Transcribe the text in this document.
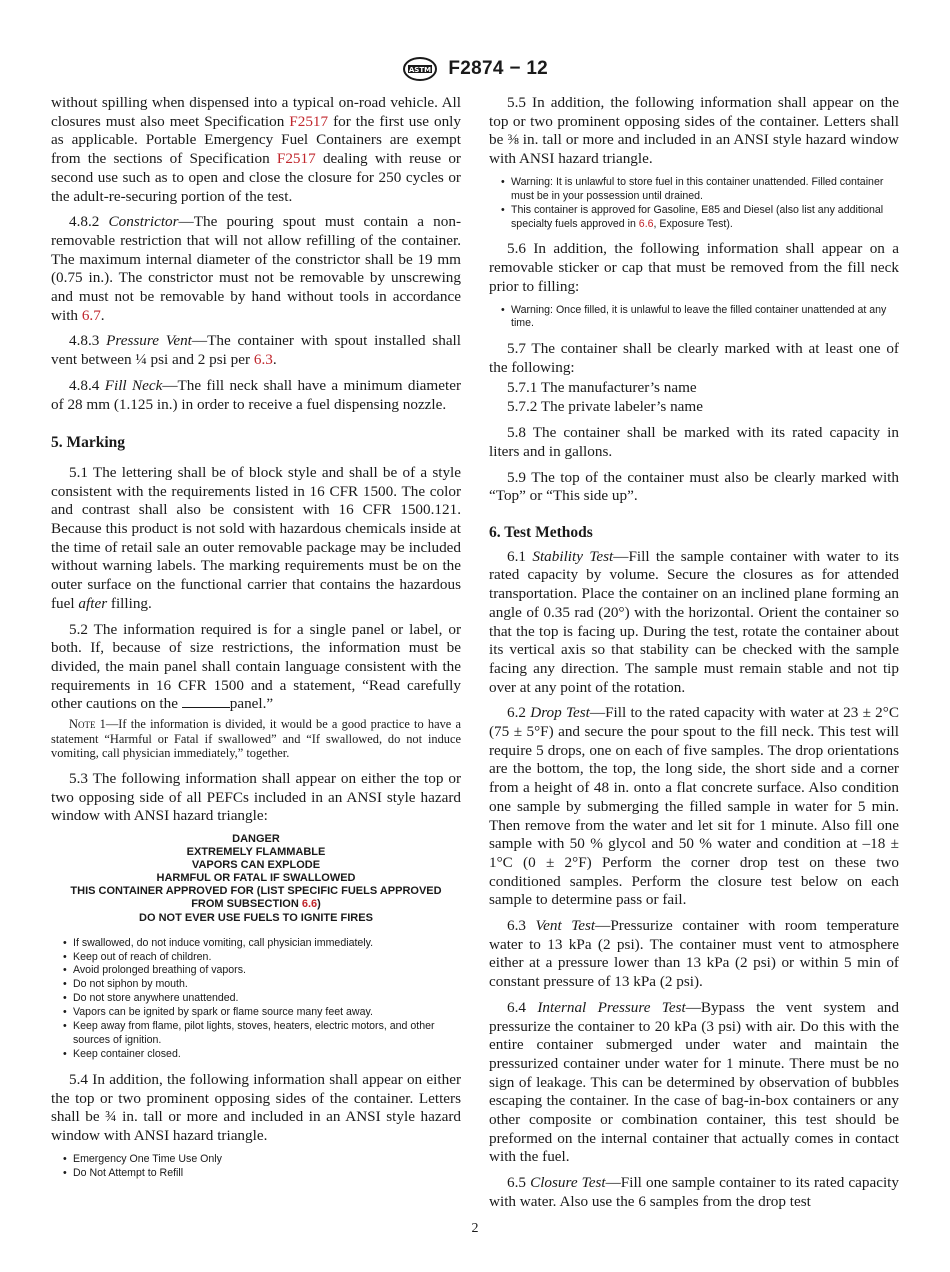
ASTM F2874 − 12

without spilling when dispensed into a typical on-road vehicle. All closures must also meet Specification F2517 for the first use only as applicable. Portable Emergency Fuel Containers are exempt from the sections of Specification F2517 dealing with reuse or second use such as to open and close the closure for 250 cycles or the adult-re-securing portion of the test.

4.8.2 Constrictor—The pouring spout must contain a non-removable restriction that will not allow refilling of the container. The maximum internal diameter of the constrictor shall be 19 mm (0.75 in.). The constrictor must not be removable by unscrewing and must not be removable by hand without tools in accordance with 6.7.

4.8.3 Pressure Vent—The container with spout installed shall vent between ¼ psi and 2 psi per 6.3.

4.8.4 Fill Neck—The fill neck shall have a minimum diameter of 28 mm (1.125 in.) in order to receive a fuel dispensing nozzle.

5. Marking

5.1 The lettering shall be of block style and shall be of a style consistent with the requirements listed in 16 CFR 1500. The color and contrast shall also be consistent with 16 CFR 1500.121. Because this product is not sold with hazardous chemicals inside at the time of retail sale an outer removable package may be included without warning labels. The marking requirements must be on the outer surface on the functional carrier that contains the hazardous fuel after filling.

5.2 The information required is for a single panel or label, or both. If, because of size restrictions, the information must be divided, the main panel shall contain language consistent with the requirements in 16 CFR 1500 and a statement, “Read carefully other cautions on the	panel.”

Note 1—If the information is divided, it would be a good practice to have a statement “Harmful or Fatal if swallowed” and “If swallowed, do not induce vomiting, call physician immediately,” together.

5.3 The following information shall appear on either the top or two opposing side of all PEFCs included in an ANSI style hazard window with ANSI hazard triangle:

DANGER
EXTREMELY FLAMMABLE
VAPORS CAN EXPLODE
HARMFUL OR FATAL IF SWALLOWED
THIS CONTAINER APPROVED FOR (LIST SPECIFIC FUELS APPROVED
FROM SUBSECTION 6.6)
DO NOT EVER USE FUELS TO IGNITE FIRES
• If swallowed, do not induce vomiting, call physician immediately.
• Keep out of reach of children.
• Avoid prolonged breathing of vapors.
• Do not siphon by mouth.
• Do not store anywhere unattended.
• Vapors can be ignited by spark or flame source many feet away.
• Keep away from flame, pilot lights, stoves, heaters, electric motors, and other sources of ignition.
• Keep container closed.

5.4 In addition, the following information shall appear on either the top or two prominent opposing sides of the container. Letters shall be ¾ in. tall or more and included in an ANSI style hazard window with ANSI hazard triangle.

• Emergency One Time Use Only
• Do Not Attempt to Refill

5.5 In addition, the following information shall appear on the top or two prominent opposing sides of the container. Letters shall be ⅜ in. tall or more and included in an ANSI style hazard window with ANSI hazard triangle.

• Warning: It is unlawful to store fuel in this container unattended. Filled container must be in your possession until drained.
• This container is approved for Gasoline, E85 and Diesel (also list any additional specialty fuels approved in 6.6, Exposure Test).

5.6 In addition, the following information shall appear on a removable sticker or cap that must be removed from the fill neck prior to filling:

• Warning: Once filled, it is unlawful to leave the filled container unattended at any time.

5.7 The container shall be clearly marked with at least one of the following:

5.7.1 The manufacturer’s name

5.7.2 The private labeler’s name

5.8 The container shall be marked with its rated capacity in liters and in gallons.

5.9 The top of the container must also be clearly marked with “Top” or “This side up”.

6. Test Methods

6.1 Stability Test—Fill the sample container with water to its rated capacity by volume. Secure the closures as for attended transportation. Place the container on an inclined plane forming an angle of 0.35 rad (20°) with the horizontal. Orient the container so that the top is facing up. During the test, rotate the container about its vertical axis so that stability can be checked with the sample facing any direction. The sample must remain stable and not tip over at any point of the rotation.

6.2 Drop Test—Fill to the rated capacity with water at 23 ± 2°C (75 ± 5°F) and secure the pour spout to the fill neck. This test will require 5 drops, one on each of five samples. The drop orientations are the bottom, the top, the long side, the short side and a corner from a height of 48 in. onto a flat concrete surface. Also condition one sample by submerging the filled sample in water for 5 min. Then remove from the water and let sit for 1 minute. Also fill one sample with 50 % glycol and 50 % water and condition at –18 ± 1°C (0 ± 2°F) Perform the corner drop test on these two conditioned samples. Perform the closure test below on each sample to determine pass or fail.

6.3 Vent Test—Pressurize container with room temperature water to 13 kPa (2 psi). The container must vent to atmosphere either at a pressure lower than 13 kPa (2 psi) or within 5 min of constant pressure of 13 kPa (2 psi).

6.4 Internal Pressure Test—Bypass the vent system and pressurize the container to 20 kPa (3 psi) with air. Do this with the entire container submerged under water and maintain the pressurized container under water for 1 minute. There must be no sign of leakage. This can be determined by observation of bubbles escaping the container. In the case of bag-in-box containers or any other composite or combination container, this test should be preformed on the internal container that actually comes in contact with the fuel.

6.5 Closure Test—Fill one sample container to its rated capacity with water. Also use the 6 samples from the drop test

2
